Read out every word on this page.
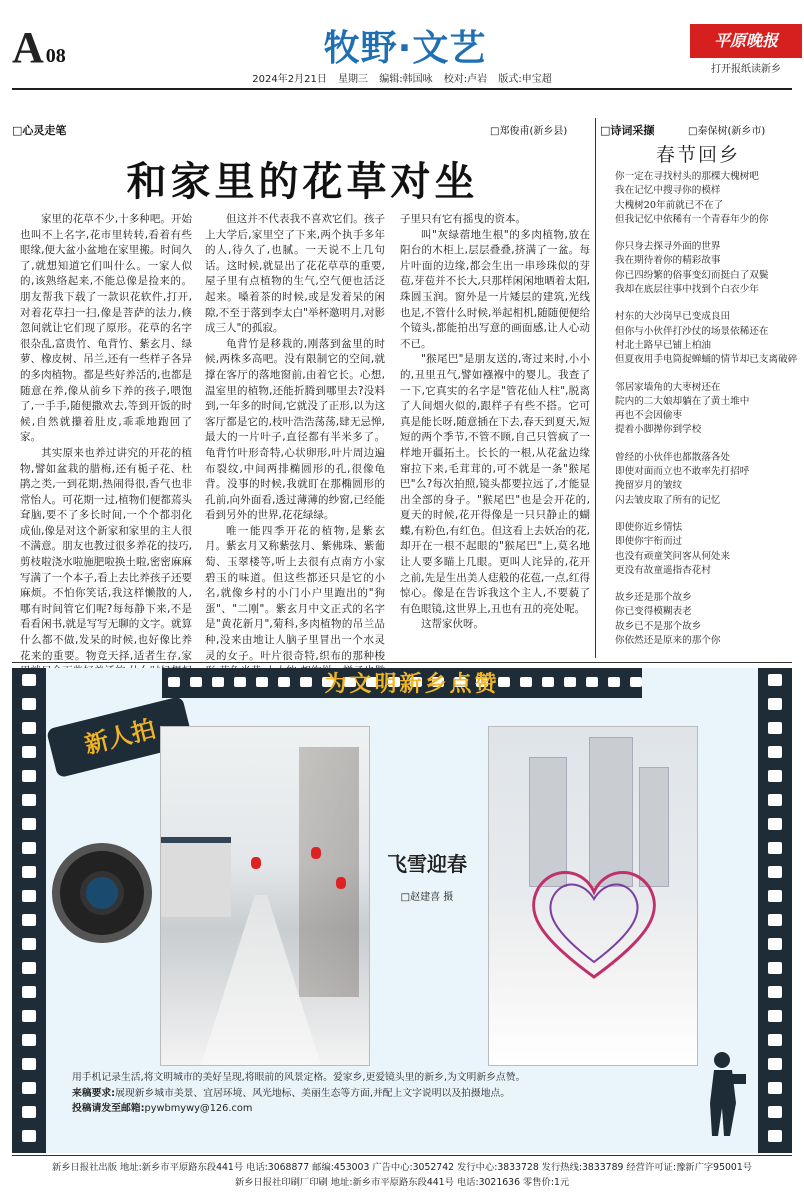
A 08	牧野·文艺	平原晚报
打开报纸读新乡
2024年2月21日 星期三 编辑:韩国咏 校对:卢岩 版式:申宝超
□心灵走笔	□郑俊甫(新乡县)
和家里的花草对坐

家里的花草不少,十多种吧。开始也叫不上名字,花市里转转,看着有些眼缘,便大盆小盆地在家里搬。时间久了,就想知道它们叫什么。一家人似的,该熟络起来,不能总像是捡来的。朋友帮我下载了一款识花软件,打开,对着花草扫一扫,像是菩萨的法力,倏忽间就让它们现了原形。花草的名字很杂乱,富贵竹、龟背竹、紫玄月、绿萝、橡皮树、吊兰,还有一些样子各异的多肉植物。都是些好养活的,也都是随意在养,像从前乡下养的孩子,喂饱了,一手手,随便撒欢去,等到开饭的时候,自然就攥着肚皮,乖乖地跑回了家。

其实原来也养过讲究的开花的植物,譬如盆栽的腊梅,还有栀子花、杜鹃之类,一到花期,热闹得很,香气也非常怡人。可花期一过,植物们便都蔫头耷脑,要不了多长时间,一个个都羽化成仙,像是对这个新家和家里的主人很不满意。朋友也教过很多养花的技巧,剪枝啦浇水啦施肥啦换土啦,密密麻麻写满了一个本子,看上去比养孩子还要麻烦。不怕你笑话,我这样懒散的人,哪有时间管它们呢?每每静下来,不是看看闲书,就是写写无聊的文字。就算什么都不做,发呆的时候,也好像比养花来的重要。物竞天择,适者生存,家

但这并不代表我不喜欢它们。孩子上大学后,家里空了下来,两个执手多年的人,待久了,也腻。一天说不上几句话。这时候,就显出了花花草草的重要,屋子里有点植物的生气,空气便也活泛起来。嗓着茶的时候,或是发着呆的闲隙,不至于落到李太白"举杯邀明月,对影成三人"的孤寂。

龟背竹是移栽的,刚落到盆里的时候,两株多高吧。没有限制它的空间,就撑在客厅的落地窗前,由着它长。心想,温室里的植物,还能折腾到哪里去?没料到,一年多的时间,它就没了正形,以为这客厅都是它的,枝叶浩浩荡荡,肆无忌惮,最大的一片叶子,直径都有半米多了。龟背竹叶形奇特,心状卵形,叶片周边遍布裂纹,中间两排椭圆形的孔,很像龟背。没事的时候,我就盯在那椭圆形的孔前,向外面看,透过薄薄的纱窗,已经能看到另外的世界,花花绿绿。

唯一能四季开花的植物,是紫玄月。紫玄月又称紫弦月、紫佛珠、紫葡萄、玉翠楼等,听上去很有点南方小家碧玉的味道。但这些都还只是它的小名,就像乡村的小门小户里跑出的"狗蛋"、"二刚"。紫玄月中文正式的名字是"黄花新月",菊科,多肉植物的吊兰品种,没来由地让人脑子里冒出一个水灵灵的女子。叶片很奇特,织布的那种梭

子里只有它有摇曳的资本。

叫"灰绿蓿地生根"的多肉植物,放在阳台的木柜上,层层叠叠,挤满了一盆。每片叶面的边缘,都会生出一串珍珠似的芽苞,芽苞并不长大,只那样闲闲地晒着太阳,珠圆玉润。窗外是一片矮层的建筑,光线也足,不管什么时候,举起相机,随随便便给个镜头,都能拍出写意的画面感,让人心动不已。

"猴尾巴"是朋友送的,寄过来时,小小的,丑里丑气,譬如襁褓中的婴儿。我查了一下,它真实的名字是"管花仙人柱",脱离了人间烟火似的,跟样子有些不搭。它可真是能长呀,随意插在下去,春天到夏天,短短的两个季节,不管不顾,自己只管疯了一样地开疆拓土。长长的一根,从花盆边缘窜拉下来,毛茸茸的,可不就是一条"猴尾巴"么?每次拍照,镜头都要拉远了,才能显出全部的身子。"猴尾巴"也是会开花的,夏天的时候,花开得像是一只只静止的蝴蝶,有粉色,有红色。但这看上去妖冶的花,却开在一根不起眼的"猴尾巴"上,莫名地让人要多瞄上几眼。更叫人诧异的,花开之前,先是生出美人痣般的花苞,一点,红得惊心。像是在告诉我这个主人,不要藐了有色眼镜,这世界上,丑也有丑的亮处呢。

这帮家伙呀。

□诗词采撷	□秦保树(新乡市)
春节回乡
你一定在寻找村头的那棵大槐树吧
我在记忆中搜寻你的模样
大槐树20年前就已不在了
但我记忆中依稀有一个青春年少的你
你只身去探寻外面的世界
我在期待着你的精彩故事
你已四纷繁的俗事变幻而挺白了双鬓
我却在底层往事中找到个白衣少年
村东的大沙岗早已变成良田
但你与小伙伴打沙仗的场景依稀还在
村北土路早已铺上柏油
但夏夜用手电筒捉蝉蛹的情节却已支离破碎
邻居家墙角的大枣树还在
院内的二大娘却躺在了黄土堆中
再也不会因偷枣
提着小脚撵你到学校
曾经的小伙伴也都散落各处
即使对面而立也不敢率先打招呼
挽留岁月的皱纹
闪去皱皮取了所有的记忆
即使你近乡情怯
即使你宇衔而过
也没有顽童笑问客从何处来
更没有故童遥指杏花村
故乡还是那个故乡
你已变得模糊表老
故乡已不是那个故乡
你依然还是原来的那个你
为文明新乡点赞
新人拍
飞雪迎春
□赵建喜 摄
用手机记录生活,将文明城市的美好呈现,将眼前的风景定格。爱家乡,更爱镜头里的新乡,为文明新乡点赞。
来稿要求:展现新乡城市美景、宜居环境、风光地标、美丽生态等方面,并配上文字说明以及拍摄地点。
投稿请发至邮箱:pywbmywy@126.com
新乡日报社出版 地址:新乡市平原路东段441号 电话:3068877 邮编:453003 广告中心:3052742 发行中心:3833728 发行热线:3833789 经营许可证:豫新广字95001号
新乡日报社印刷厂印刷 地址:新乡市平原路东段441号 电话:3021636 零售价:1元
